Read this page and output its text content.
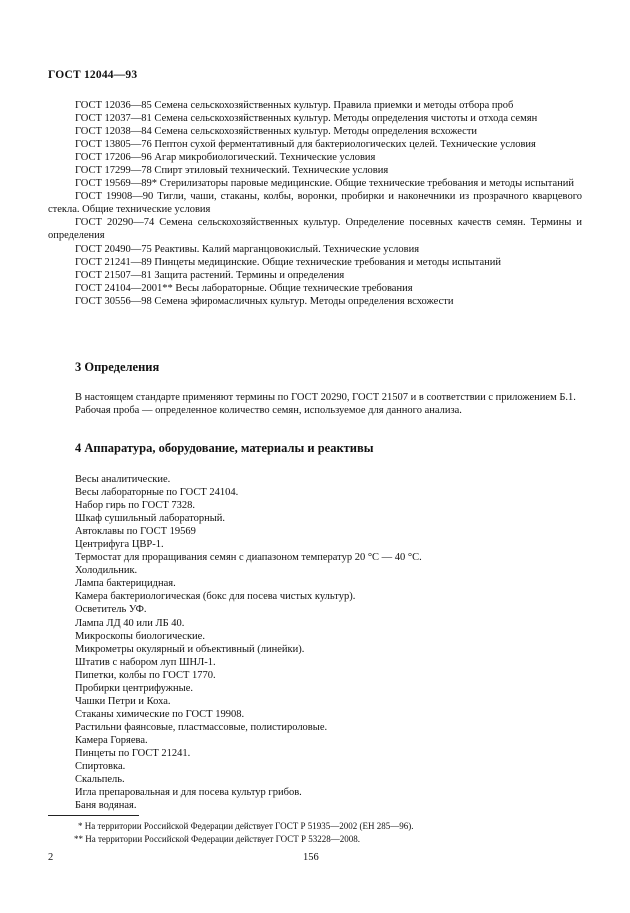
ГОСТ 12044—93

ГОСТ 12036—85 Семена сельскохозяйственных культур. Правила приемки и методы отбора проб

ГОСТ 12037—81 Семена сельскохозяйственных культур. Методы определения чистоты и отхода семян

ГОСТ 12038—84 Семена сельскохозяйственных культур. Методы определения всхожести

ГОСТ 13805—76 Пептон сухой ферментативный для бактериологических целей. Технические условия

ГОСТ 17206—96 Агар микробиологический. Технические условия

ГОСТ 17299—78 Спирт этиловый технический. Технические условия

ГОСТ 19569—89* Стерилизаторы паровые медицинские. Общие технические требования и методы испытаний

ГОСТ 19908—90 Тигли, чаши, стаканы, колбы, воронки, пробирки и наконечники из прозрачного кварцевого стекла. Общие технические условия

ГОСТ 20290—74 Семена сельскохозяйственных культур. Определение посевных качеств семян. Термины и определения

ГОСТ 20490—75 Реактивы. Калий марганцовокислый. Технические условия

ГОСТ 21241—89 Пинцеты медицинские. Общие технические требования и методы испытаний

ГОСТ 21507—81 Защита растений. Термины и определения

ГОСТ 24104—2001** Весы лабораторные. Общие технические требования

ГОСТ 30556—98 Семена эфиромасличных культур. Методы определения всхожести

3 Определения

В настоящем стандарте применяют термины по ГОСТ 20290, ГОСТ 21507 и в соответствии с приложением Б.1.

Рабочая проба — определенное количество семян, используемое для данного анализа.

4 Аппаратура, оборудование, материалы и реактивы
Весы аналитические.
Весы лабораторные по ГОСТ 24104.
Набор гирь по ГОСТ 7328.
Шкаф сушильный лабораторный.
Автоклавы по ГОСТ 19569
Центрифуга ЦВР-1.
Термостат для проращивания семян с диапазоном температур 20 °С — 40 °С.
Холодильник.
Лампа бактерицидная.
Камера бактериологическая (бокс для посева чистых культур).
Осветитель УФ.
Лампа ЛД 40 или ЛБ 40.
Микроскопы биологические.
Микрометры окулярный и объективный (линейки).
Штатив с набором луп ШНЛ-1.
Пипетки, колбы по ГОСТ 1770.
Пробирки центрифужные.
Чашки Петри и Коха.
Стаканы химические по ГОСТ 19908.
Растильни фаянсовые, пластмассовые, полистироловые.
Камера Горяева.
Пинцеты по ГОСТ 21241.
Спиртовка.
Скальпель.
Игла препаровальная и для посева культур грибов.
Баня водяная.
* На территории Российской Федерации действует ГОСТ Р 51935—2002 (ЕН 285—96).
** На территории Российской Федерации действует ГОСТ Р 53228—2008.
2	156
